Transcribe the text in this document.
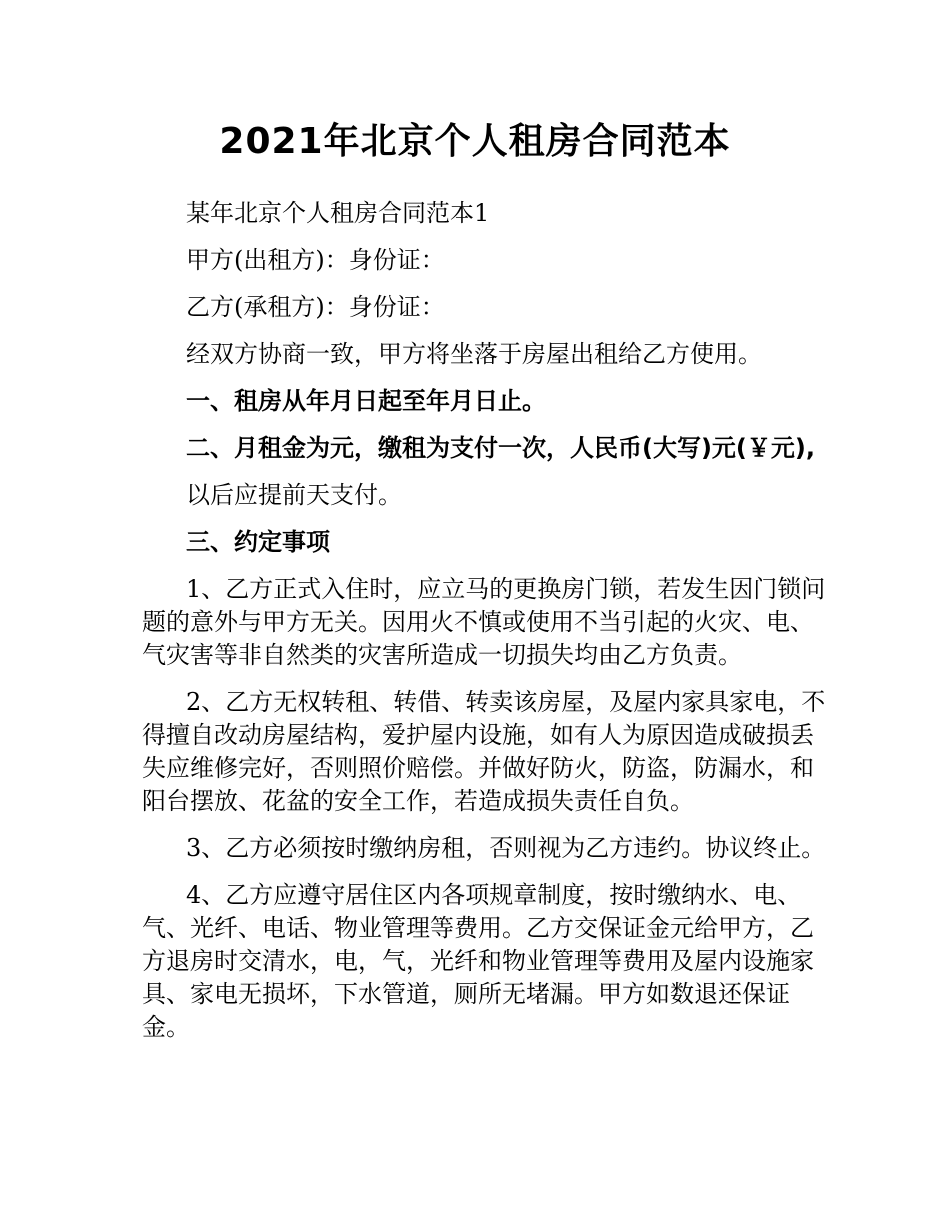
2021年北京个人租房合同范本

某年北京个人租房合同范本1

甲方(出租方)：身份证：

乙方(承租方)：身份证：

经双方协商一致，甲方将坐落于房屋出租给乙方使用。

一、租房从年月日起至年月日止。

二、月租金为元，缴租为支付一次，人民币(大写)元(￥元),

以后应提前天支付。

三、约定事项

1、乙方正式入住时，应立马的更换房门锁，若发生因门锁问题的意外与甲方无关。因用火不慎或使用不当引起的火灾、电、气灾害等非自然类的灾害所造成一切损失均由乙方负责。

2、乙方无权转租、转借、转卖该房屋，及屋内家具家电，不得擅自改动房屋结构，爱护屋内设施，如有人为原因造成破损丢失应维修完好，否则照价赔偿。并做好防火，防盗，防漏水，和阳台摆放、花盆的安全工作，若造成损失责任自负。

3、乙方必须按时缴纳房租，否则视为乙方违约。协议终止。

4、乙方应遵守居住区内各项规章制度，按时缴纳水、电、气、光纤、电话、物业管理等费用。乙方交保证金元给甲方，乙方退房时交清水，电，气，光纤和物业管理等费用及屋内设施家具、家电无损坏，下水管道，厕所无堵漏。甲方如数退还保证金。
